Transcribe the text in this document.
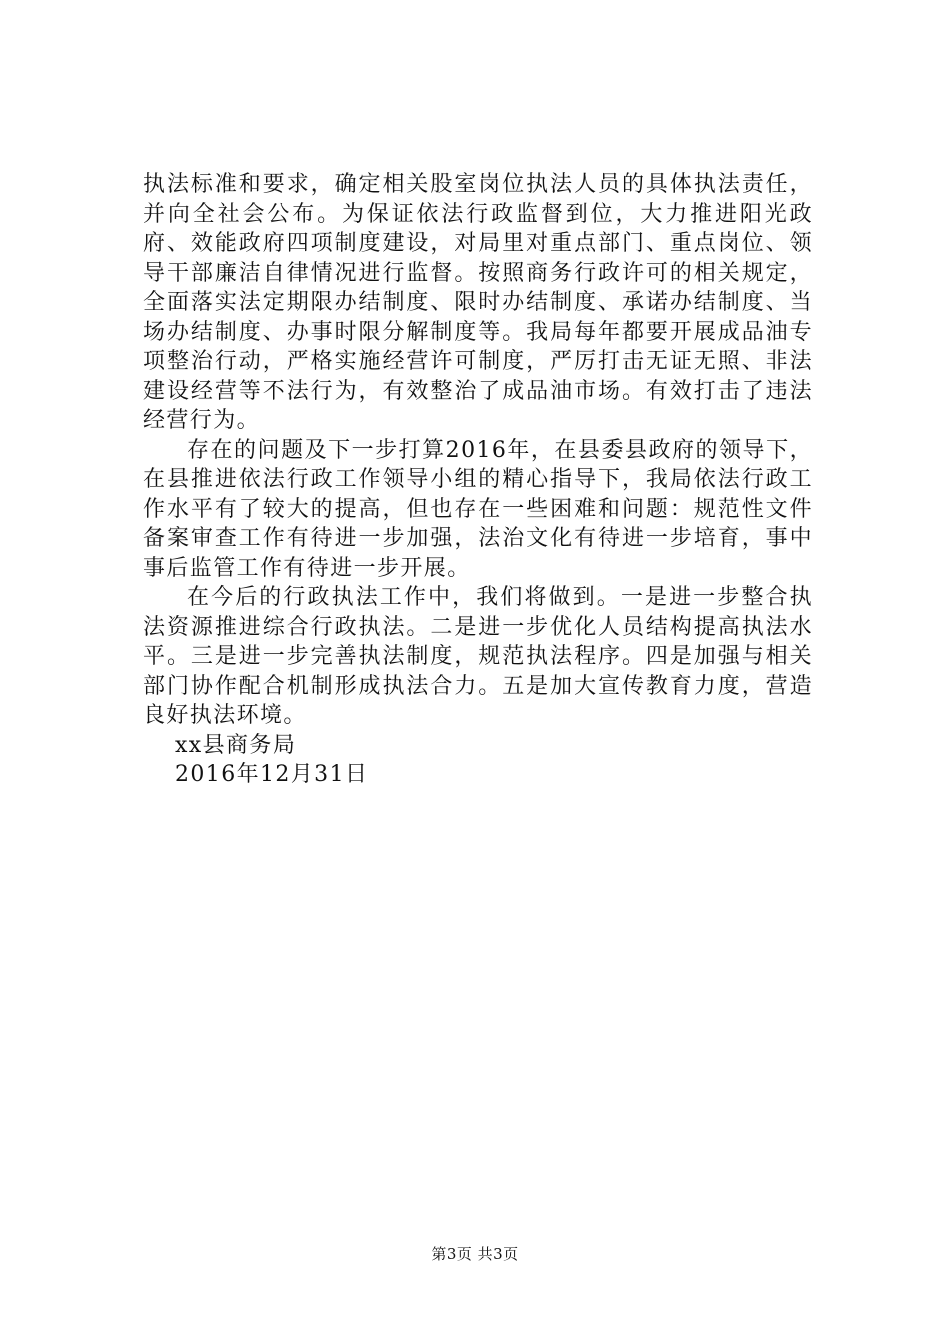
执法标准和要求，确定相关股室岗位执法人员的具体执法责任，并向全社会公布。为保证依法行政监督到位，大力推进阳光政府、效能政府四项制度建设，对局里对重点部门、重点岗位、领导干部廉洁自律情况进行监督。按照商务行政许可的相关规定，全面落实法定期限办结制度、限时办结制度、承诺办结制度、当场办结制度、办事时限分解制度等。我局每年都要开展成品油专项整治行动，严格实施经营许可制度，严厉打击无证无照、非法建设经营等不法行为，有效整治了成品油市场。有效打击了违法经营行为。

存在的问题及下一步打算2016年，在县委县政府的领导下，在县推进依法行政工作领导小组的精心指导下，我局依法行政工作水平有了较大的提高，但也存在一些困难和问题：规范性文件备案审查工作有待进一步加强，法治文化有待进一步培育，事中事后监管工作有待进一步开展。

在今后的行政执法工作中，我们将做到。一是进一步整合执法资源推进综合行政执法。二是进一步优化人员结构提高执法水平。三是进一步完善执法制度，规范执法程序。四是加强与相关部门协作配合机制形成执法合力。五是加大宣传教育力度，营造良好执法环境。

xx县商务局

2016年12月31日

第3页 共3页
